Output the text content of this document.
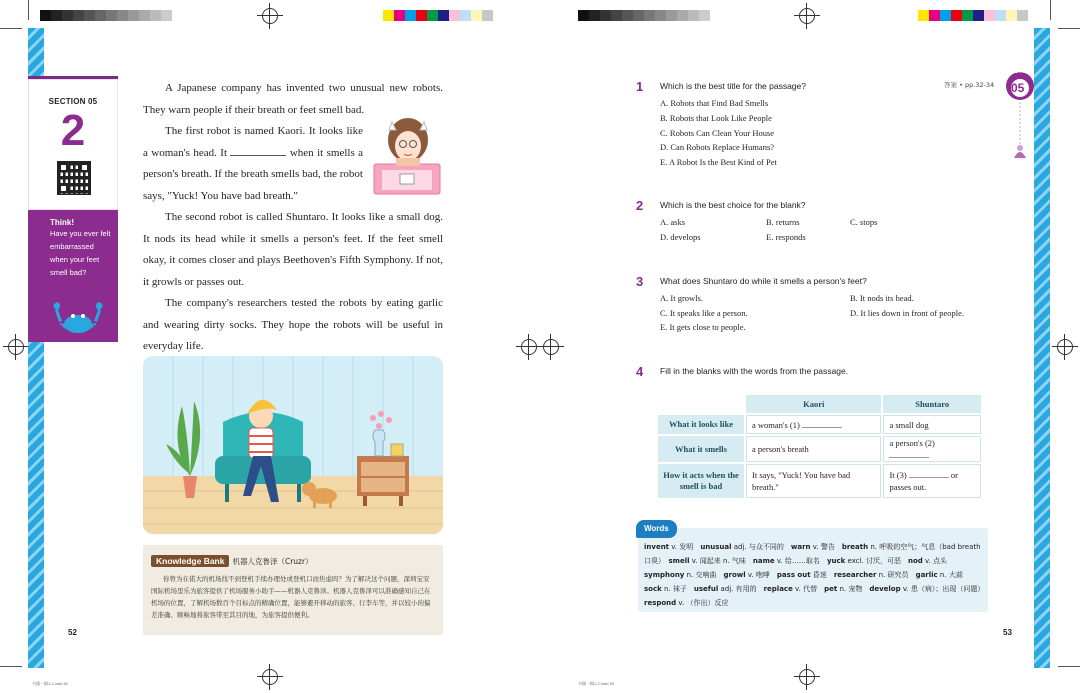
SECTION 05
2
Think!
Have you ever felt embarrassed when your feet smell bad?

A Japanese company has invented two unusual new robots. They warn people if their breath or feet smell bad.

The first robot is named Kaori. It looks like a woman's head. It	when it smells a person's breath. If the breath smells bad, the robot says, "Yuck! You have bad breath."

The second robot is called Shuntaro. It looks like a small dog. It nods its head while it smells a person's feet. If the feet smell okay, it comes closer and plays Beethoven's Fifth Symphony. If not, it growls or passes out.

The company's researchers tested the robots by eating garlic and wearing dirty socks. They hope the robots will be useful in everyday life.

Knowledge Bank 机器人克鲁泽（Cruzr）
你曾为在偌大的机场找不到登机手续办理处或登机口而焦虑吗？为了解决这个问题，深圳宝安国际机场里乐为旅客提供了机场服务小助手——机器人克鲁泽。机器人克鲁泽可以准确感知自己在机场的位置，了解机场数百个目标点的精确位置，能够避开移动的旅客、行李车等，并以较小的偏差准确、顺畅地将旅客带至其目的地，为旅客提供便利。
52
书籍一稿1-2.indd 52
答案 • pp.32-34
SECTION
05
1 Which is the best title for the passage?
A. Robots that Find Bad Smells
B. Robots that Look Like People
C. Robots Can Clean Your House
D. Can Robots Replace Humans?
E. A Robot Is the Best Kind of Pet
2 Which is the best choice for the blank?
A. asks	B. returns	C. stops
D. develops	E. responds
3 What does Shuntaro do while it smells a person's feet?
A. It growls.	B. It nods its head.
C. It speaks like a person.	D. It lies down in front of people.
E. It gets close to people.
4 Fill in the blanks with the words from the passage.
	Kaori	Shuntaro
What it looks like	a woman's (1)	a small dog
What it smells	a person's breath	a person's (2)
How it acts when the smell is bad	It says, "Yuck! You have bad breath."	It (3) or
passes out.
Words
invent v. 发明　unusual adj. 与众不同的　warn v. 警告　breath n. 呼吸的空气；气息（bad breath 口臭）　smell v. 闻起来 n. 气味　name v. 给……取名　yuck excl. 讨厌，可恶　nod v. 点头　symphony n. 交响曲　growl v. 咆哮　pass out 昏迷　researcher n. 研究员　garlic n. 大蒜　sock n. 袜子　useful adj. 有用的　replace v. 代替　pet n. 宠物　develop v. 患（病）；出现（问题）　respond v. （作出）反应
53
书籍一稿1-2.indd 53
